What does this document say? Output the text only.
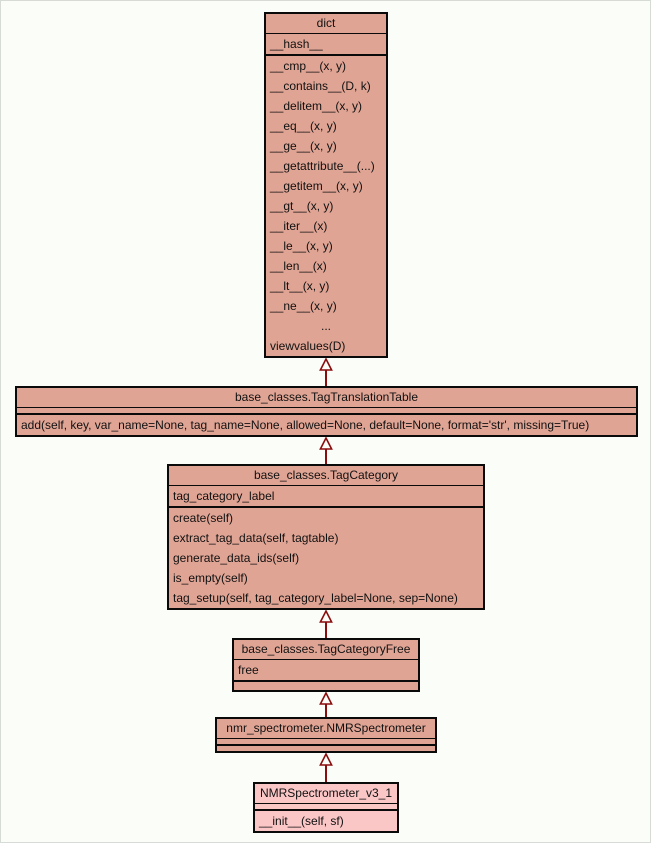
dict
__hash__
__cmp__(x, y)
__contains__(D, k)
__delitem__(x, y)
__eq__(x, y)
__ge__(x, y)
__getattribute__(...)
__getitem__(x, y)
__gt__(x, y)
__iter__(x)
__le__(x, y)
__len__(x)
__lt__(x, y)
__ne__(x, y)
...
viewvalues(D)
base_classes.TagTranslationTable
add(self, key, var_name=None, tag_name=None, allowed=None, default=None, format='str', missing=True)
base_classes.TagCategory
tag_category_label
create(self)
extract_tag_data(self, tagtable)
generate_data_ids(self)
is_empty(self)
tag_setup(self, tag_category_label=None, sep=None)
base_classes.TagCategoryFree
free
nmr_spectrometer.NMRSpectrometer
NMRSpectrometer_v3_1
__init__(self, sf)
